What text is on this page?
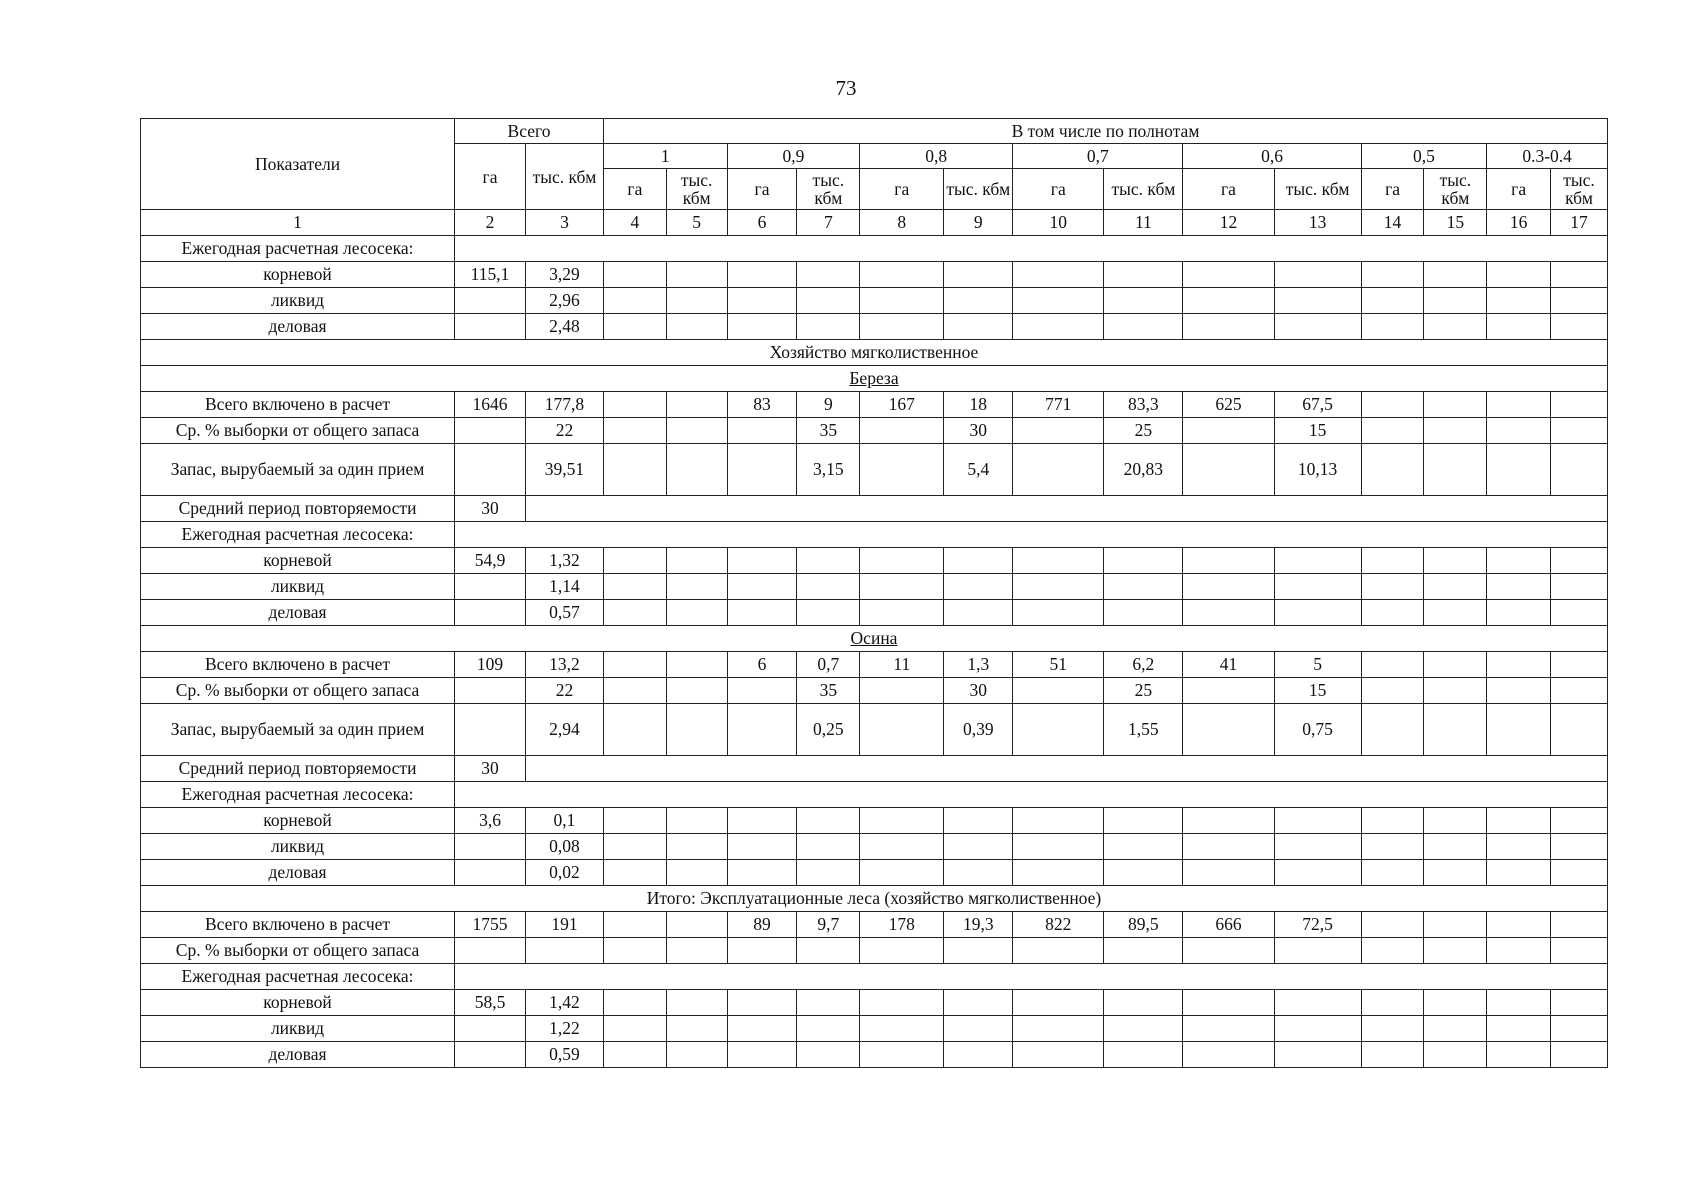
73
Показатели	Всего		В том числе по полнотам													
	га	тыс. кбм	1		0,9		0,8		0,7		0,6		0,5		0.3-0.4	
			га	тыс. кбм	га	тыс. кбм	га	тыс. кбм	га	тыс. кбм	га	тыс. кбм	га	тыс. кбм	га	тыс. кбм
1	2	3	4	5	6	7	8	9	10	11	12	13	14	15	16	17
Ежегодная расчетная лесосека:																
корневой	115,1	3,29														
ликвид		2,96														
деловая		2,48														
Хозяйство мягколиственное																
Береза																
Всего включено в расчет	1646	177,8			83	9	167	18	771	83,3	625	67,5				
Ср. % выборки от общего запаса		22				35		30		25		15				
Запас, вырубаемый за один прием		39,51				3,15		5,4		20,83		10,13				
Средний период повторяемости	30															
Ежегодная расчетная лесосека:																
корневой	54,9	1,32														
ликвид		1,14														
деловая		0,57														
Осина																
Всего включено в расчет	109	13,2			6	0,7	11	1,3	51	6,2	41	5				
Ср. % выборки от общего запаса		22				35		30		25		15				
Запас, вырубаемый за один прием		2,94				0,25		0,39		1,55		0,75				
Средний период повторяемости	30															
Ежегодная расчетная лесосека:																
корневой	3,6	0,1														
ликвид		0,08														
деловая		0,02														
Итого: Эксплуатационные леса (хозяйство мягколиственное)																
Всего включено в расчет	1755	191			89	9,7	178	19,3	822	89,5	666	72,5				
Ср. % выборки от общего запаса																
Ежегодная расчетная лесосека:																
корневой	58,5	1,42														
ликвид		1,22														
деловая		0,59														
